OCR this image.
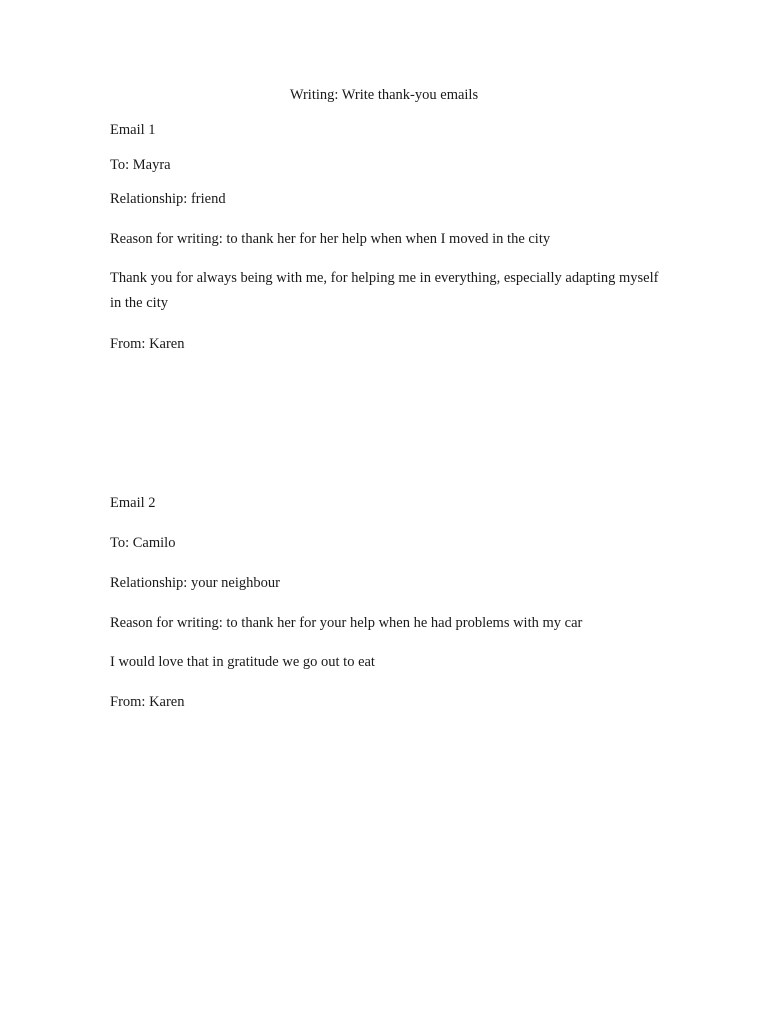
Writing: Write thank-you emails
Email 1
To: Mayra
Relationship: friend
Reason for writing: to thank her for her help when when I moved in the city
Thank you for always being with me, for helping me in everything, especially adapting myself in the city
From: Karen
Email 2
To: Camilo
Relationship: your neighbour
Reason for writing: to thank her for your help when he had problems with my car
I would love that in gratitude we go out to eat
From: Karen
